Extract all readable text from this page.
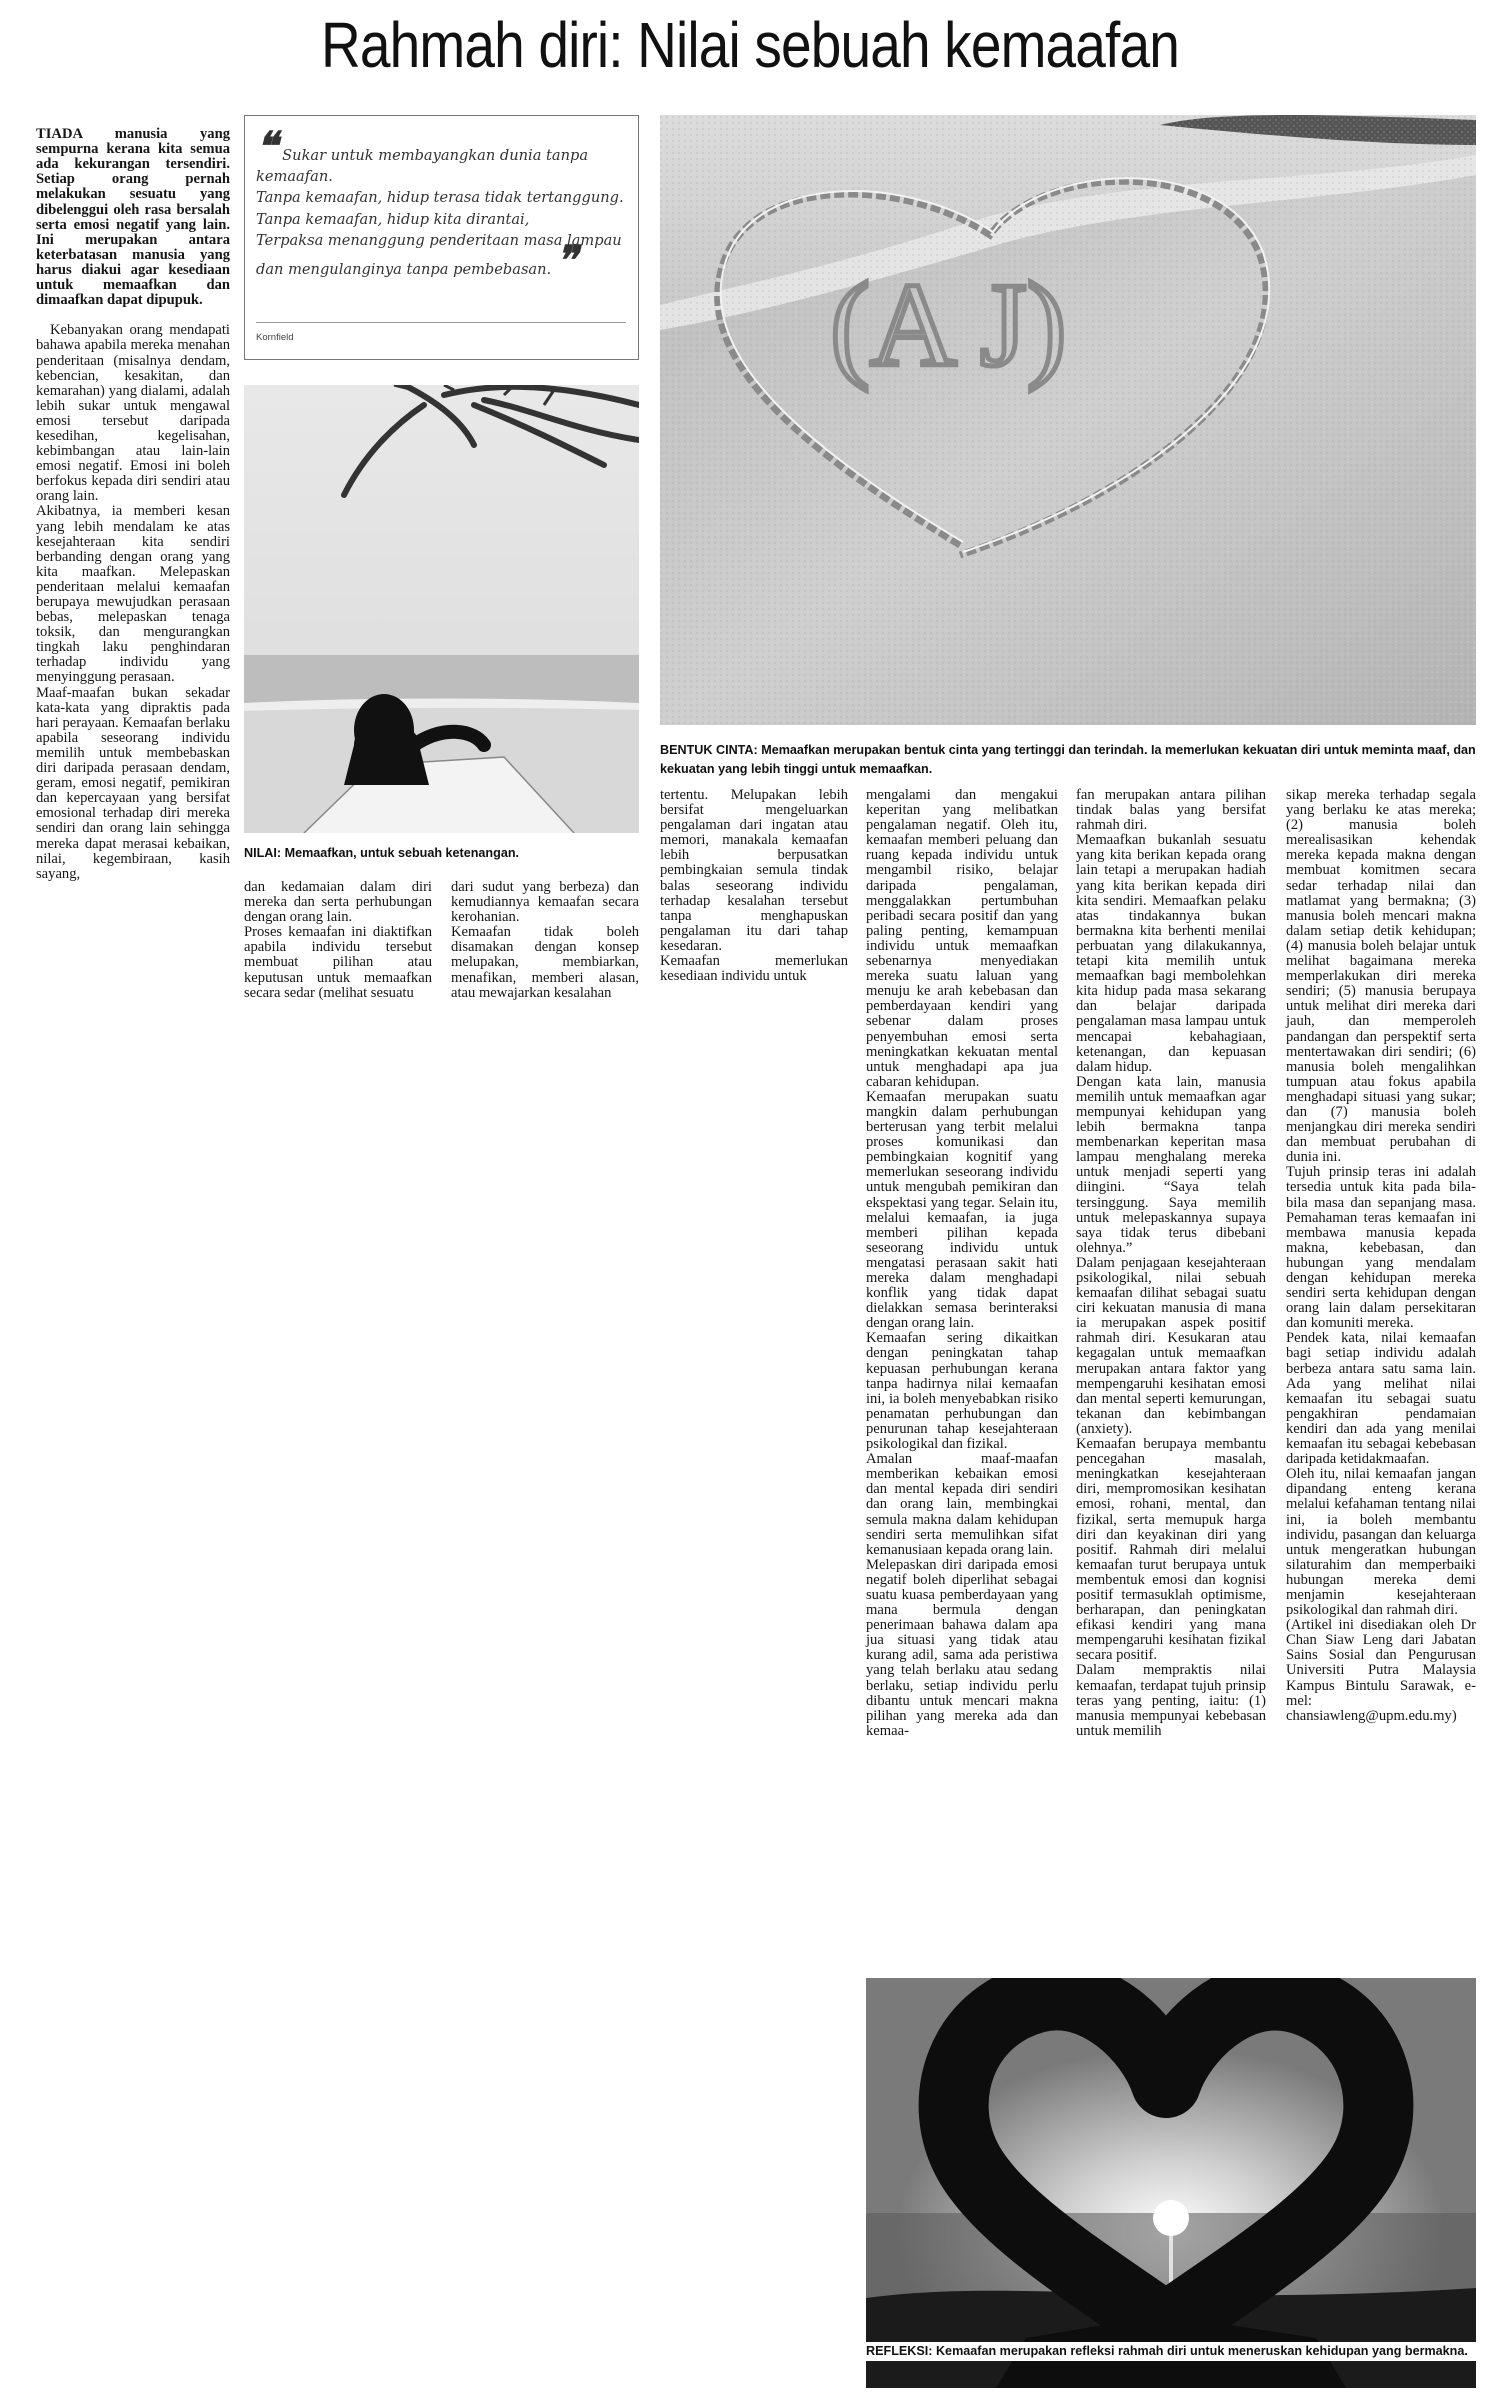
Rahmah diri: Nilai sebuah kemaafan

TIADA manusia yang sempurna kerana kita semua ada kekurangan tersendiri. Setiap orang pernah melakukan sesuatu yang dibelenggui oleh rasa bersalah serta emosi negatif yang lain. Ini merupakan antara keterbatasan manusia yang harus diakui agar kesediaan untuk memaafkan dan dimaafkan dapat dipupuk.

Kebanyakan orang mendapati bahawa apabila mereka menahan penderitaan (misalnya dendam, kebencian, kesakitan, dan kemarahan) yang dialami, adalah lebih sukar untuk mengawal emosi tersebut daripada kesedihan, kegelisahan, kebimbangan atau lain-lain emosi negatif. Emosi ini boleh berfokus kepada diri sendiri atau orang lain.
Akibatnya, ia memberi kesan yang lebih mendalam ke atas kesejahteraan kita sendiri berbanding dengan orang yang kita maafkan. Melepaskan penderitaan melalui kemaafan berupaya mewujudkan perasaan bebas, melepaskan tenaga toksik, dan mengurangkan tingkah laku penghindaran terhadap individu yang menyinggung perasaan.
Maaf-maafan bukan sekadar kata-kata yang dipraktis pada hari perayaan. Kemaafan berlaku apabila seseorang individu memilih untuk membebaskan diri daripada perasaan dendam, geram, emosi negatif, pemikiran dan kepercayaan yang bersifat emosional terhadap diri mereka sendiri dan orang lain sehingga mereka dapat merasai kebaikan, nilai, kegembiraan, kasih sayang,

❝ Sukar untuk membayangkan dunia tanpa kemaafan.
Tanpa kemaafan, hidup terasa tidak tertanggung.
Tanpa kemaafan, hidup kita dirantai,
Terpaksa menanggung penderitaan masa lampau dan mengulanginya tanpa pembebasan. ❞
Kornfield	(A J)
BENTUK CINTA: Memaafkan merupakan bentuk cinta yang tertinggi dan terindah. Ia memerlukan kekuatan diri untuk meminta maaf, dan kekuatan yang lebih tinggi untuk memaafkan.
NILAI: Memaafkan, untuk sebuah ketenangan.
dan kedamaian dalam diri mereka dan serta perhubungan dengan orang lain.
Proses kemaafan ini diaktifkan apabila individu tersebut membuat pilihan atau keputusan untuk memaafkan secara sedar (melihat sesuatu
dari sudut yang berbeza) dan kemudiannya kemaafan secara kerohanian.
Kemaafan tidak boleh disamakan dengan konsep melupakan, membiarkan, menafikan, memberi alasan, atau mewajarkan kesalahan
tertentu. Melupakan lebih bersifat mengeluarkan pengalaman dari ingatan atau memori, manakala kemaafan lebih berpusatkan pembingkaian semula tindak balas seseorang individu terhadap kesalahan tersebut tanpa menghapuskan pengalaman itu dari tahap kesedaran.
Kemaafan memerlukan kesediaan individu untuk
mengalami dan mengakui keperitan yang melibatkan pengalaman negatif. Oleh itu, kemaafan memberi peluang dan ruang kepada individu untuk mengambil risiko, belajar daripada pengalaman, menggalakkan pertumbuhan peribadi secara positif dan yang paling penting, kemampuan individu untuk memaafkan sebenarnya menyediakan mereka suatu laluan yang menuju ke arah kebebasan dan pemberdayaan kendiri yang sebenar dalam proses penyembuhan emosi serta meningkatkan kekuatan mental untuk menghadapi apa jua cabaran kehidupan.
Kemaafan merupakan suatu mangkin dalam perhubungan berterusan yang terbit melalui proses komunikasi dan pembingkaian kognitif yang memerlukan seseorang individu untuk mengubah pemikiran dan ekspektasi yang tegar. Selain itu, melalui kemaafan, ia juga memberi pilihan kepada seseorang individu untuk mengatasi perasaan sakit hati mereka dalam menghadapi konflik yang tidak dapat dielakkan semasa berinteraksi dengan orang lain.
Kemaafan sering dikaitkan dengan peningkatan tahap kepuasan perhubungan kerana tanpa hadirnya nilai kemaafan ini, ia boleh menyebabkan risiko penamatan perhubungan dan penurunan tahap kesejahteraan psikologikal dan fizikal.
Amalan maaf-maafan memberikan kebaikan emosi dan mental kepada diri sendiri dan orang lain, membingkai semula makna dalam kehidupan sendiri serta memulihkan sifat kemanusiaan kepada orang lain.
Melepaskan diri daripada emosi negatif boleh diperlihat sebagai suatu kuasa pemberdayaan yang mana bermula dengan penerimaan bahawa dalam apa jua situasi yang tidak atau kurang adil, sama ada peristiwa yang telah berlaku atau sedang berlaku, setiap individu perlu dibantu untuk mencari makna pilihan yang mereka ada dan kemaa-
fan merupakan antara pilihan tindak balas yang bersifat rahmah diri.
Memaafkan bukanlah sesuatu yang kita berikan kepada orang lain tetapi a merupakan hadiah yang kita berikan kepada diri kita sendiri. Memaafkan pelaku atas tindakannya bukan bermakna kita berhenti menilai perbuatan yang dilakukannya, tetapi kita memilih untuk memaafkan bagi membolehkan kita hidup pada masa sekarang dan belajar daripada pengalaman masa lampau untuk mencapai kebahagiaan, ketenangan, dan kepuasan dalam hidup.
Dengan kata lain, manusia memilih untuk memaafkan agar mempunyai kehidupan yang lebih bermakna tanpa membenarkan keperitan masa lampau menghalang mereka untuk menjadi seperti yang diingini. “Saya telah tersinggung. Saya memilih untuk melepaskannya supaya saya tidak terus dibebani olehnya.”
Dalam penjagaan kesejahteraan psikologikal, nilai sebuah kemaafan dilihat sebagai suatu ciri kekuatan manusia di mana ia merupakan aspek positif rahmah diri. Kesukaran atau kegagalan untuk memaafkan merupakan antara faktor yang mempengaruhi kesihatan emosi dan mental seperti kemurungan, tekanan dan kebimbangan (anxiety).
Kemaafan berupaya membantu pencegahan masalah, meningkatkan kesejahteraan diri, mempromosikan kesihatan emosi, rohani, mental, dan fizikal, serta memupuk harga diri dan keyakinan diri yang positif. Rahmah diri melalui kemaafan turut berupaya untuk membentuk emosi dan kognisi positif termasuklah optimisme, berharapan, dan peningkatan efikasi kendiri yang mana mempengaruhi kesihatan fizikal secara positif.
Dalam mempraktis nilai kemaafan, terdapat tujuh prinsip teras yang penting, iaitu: (1) manusia mempunyai kebebasan untuk memilih
sikap mereka terhadap segala yang berlaku ke atas mereka; (2) manusia boleh merealisasikan kehendak mereka kepada makna dengan membuat komitmen secara sedar terhadap nilai dan matlamat yang bermakna; (3) manusia boleh mencari makna dalam setiap detik kehidupan; (4) manusia boleh belajar untuk melihat bagaimana mereka memperlakukan diri mereka sendiri; (5) manusia berupaya untuk melihat diri mereka dari jauh, dan memperoleh pandangan dan perspektif serta mentertawakan diri sendiri; (6) manusia boleh mengalihkan tumpuan atau fokus apabila menghadapi situasi yang sukar; dan (7) manusia boleh menjangkau diri mereka sendiri dan membuat perubahan di dunia ini.
Tujuh prinsip teras ini adalah tersedia untuk kita pada bila-bila masa dan sepanjang masa. Pemahaman teras kemaafan ini membawa manusia kepada makna, kebebasan, dan hubungan yang mendalam dengan kehidupan mereka sendiri serta kehidupan dengan orang lain dalam persekitaran dan komuniti mereka.
Pendek kata, nilai kemaafan bagi setiap individu adalah berbeza antara satu sama lain. Ada yang melihat nilai kemaafan itu sebagai suatu pengakhiran pendamaian kendiri dan ada yang menilai kemaafan itu sebagai kebebasan daripada ketidakmaafan.
Oleh itu, nilai kemaafan jangan dipandang enteng kerana melalui kefahaman tentang nilai ini, ia boleh membantu individu, pasangan dan keluarga untuk mengeratkan hubungan silaturahim dan memperbaiki hubungan mereka demi menjamin kesejahteraan psikologikal dan rahmah diri.
(Artikel ini disediakan oleh Dr Chan Siaw Leng dari Jabatan Sains Sosial dan Pengurusan Universiti Putra Malaysia Kampus Bintulu Sarawak, e-mel: chansiawleng@upm.edu.my)
REFLEKSI: Kemaafan merupakan refleksi rahmah diri untuk meneruskan kehidupan yang bermakna.
